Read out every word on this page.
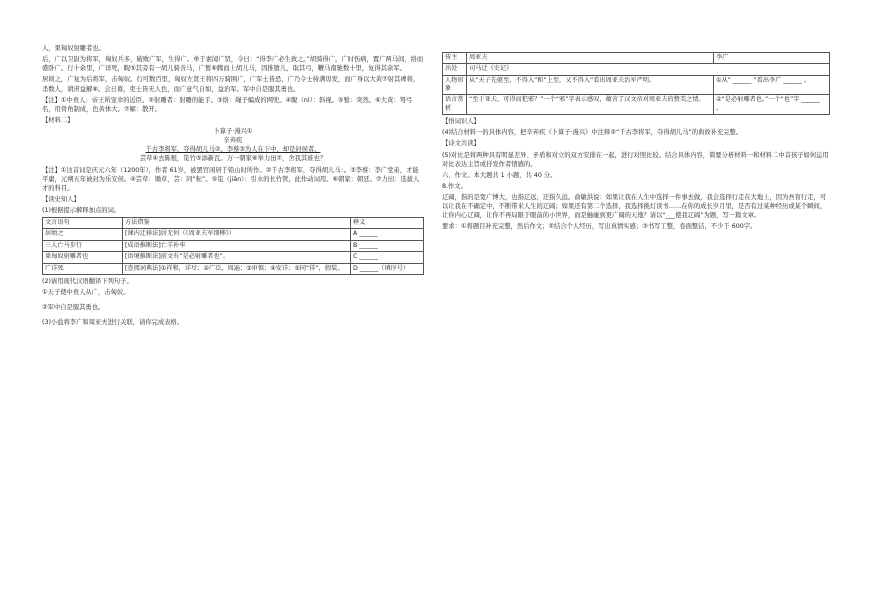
人，果匈奴射雕者也。

后，广以卫尉为将军，匈奴兵多，破败广军，生得广。单于素闻广贤，令曰：“得李广必生致之。”胡骑得广，广时伤病，置广两马间，络而盛卧广。行十余里，广详死，睨⑤其旁有一胡儿骑善马，广暂⑥腾而上胡儿马，因推堕儿，取其弓，鞭马南驰数十里，复得其余军。

居顷之，广复为后将军，击匈奴。行可数百里，匈奴左贤王将四万骑围广，广军士皆恐，广乃令士持满毋发，而广身以大黄⑦射其裨将，杀数人，胡虏益解⑧。会日暮，吏士皆无人色，而广意气自如，益治军。军中自是服其勇也。

【注】①中贵人：帝王所宠幸的近臣。②射雕者：射雕的能手。③络：绳子编成的网兜。④睨（nì）：斜视。⑤暂：突然。⑥大黄：弩弓名，用骨角制成，色黄体大。⑦解：散开。

【材料二】

卜算子·漫兴①

辛弃疾

千古李将军，夺得胡儿马②。李蔡③为人在下中，却是封侯者。

芸草④去陈根，笕竹⑤添新瓦。万一朝家⑥举力田⑦，舍我其谁也？

【注】①这首词是庆元六年（1200年），作者 61岁，被罢官闲居于铅山时所作。②千古李将军，夺得胡儿马：。③李蔡：李广堂弟，才能平庸，元朔五年被封为乐安侯。④芸草：锄草，芸：同“耘”。⑤笕（jiǎn）：引水的长竹管，此作动词用。⑥朝家：朝廷。⑦力田：选拔人才的科目。

【读史知人】

(1)根据提示解释加点的词。

文言语句	方法借鉴	释义
居顷之	[课内迁移法]居无何（《周亚夫军细柳》）	A ______
三人亡马步行	[成语推断法]亡羊补牢	B ______
果匈奴射雕者也	[语境推断法]前文有“是必射雕者也”。	C ______
广详死	[查阅词典法]①祥和，详尽；②广泛，周遍；③审慎；④安详；⑤同“佯”，假装。	D ______（填序号）

(2)请用现代汉语翻译下列句子。

①天子使中贵人从广，击匈奴。

②军中自是服其勇也。

(3)小盐将李广和周亚夫进行关联，请你完成表格。

传主	周亚夫	李广
出处	司马迁《史记》	
人物形象	从“天子先驱至，不得入”和“上至，又不得入”看出周亚夫治军严明。	①从“ ______ ”看出李广 ______ 。
语言赏析	“至于亚夫，可得而犯邪？”一个“邪”字表示感叹，蕴含了汉文帝对周亚夫的赞美之情。	②“是必射雕者也。”一个“也”字 ______ 。

【悟词识人】

(4)结合材料一的具体内容，把辛弃疾《卜算子·漫兴》中注释②“千古李将军，夺得胡儿马”的典故补充完整。

【诗文共读】

(5)对比是将两种具有明显差异、矛盾和对立的双方安排在一起，进行对照比较。结合具体内容，简要分析材料一和材料二中首孩子如何运用对比表达主旨或抒发作者情感的。

六、作文。本大题共 1 小题，共 40 分。

8.作文。

辽阔，指的是宽广博大，也指辽远，迂指久远。俞敏洪说：如果让我在人生中选择一件事去做，我会选择行走在大地上，因为吾盲行走，可以让我在不确定中，不断带来人生的辽阔；如果还有第二个选择，我选择挑灯读书……在你的成长岁月里，是否有过某种经历或某个瞬间，让你内心辽阔，让你不再局限于眼前的小世界，而是触碰到更广阔的天地？请以“___使我辽阔”为题，写一篇文章。

要求：①将题目补充完整，然后作文；②结合个人经历，写出真情实感；③书写工整，卷面整洁，不少于 600字。
